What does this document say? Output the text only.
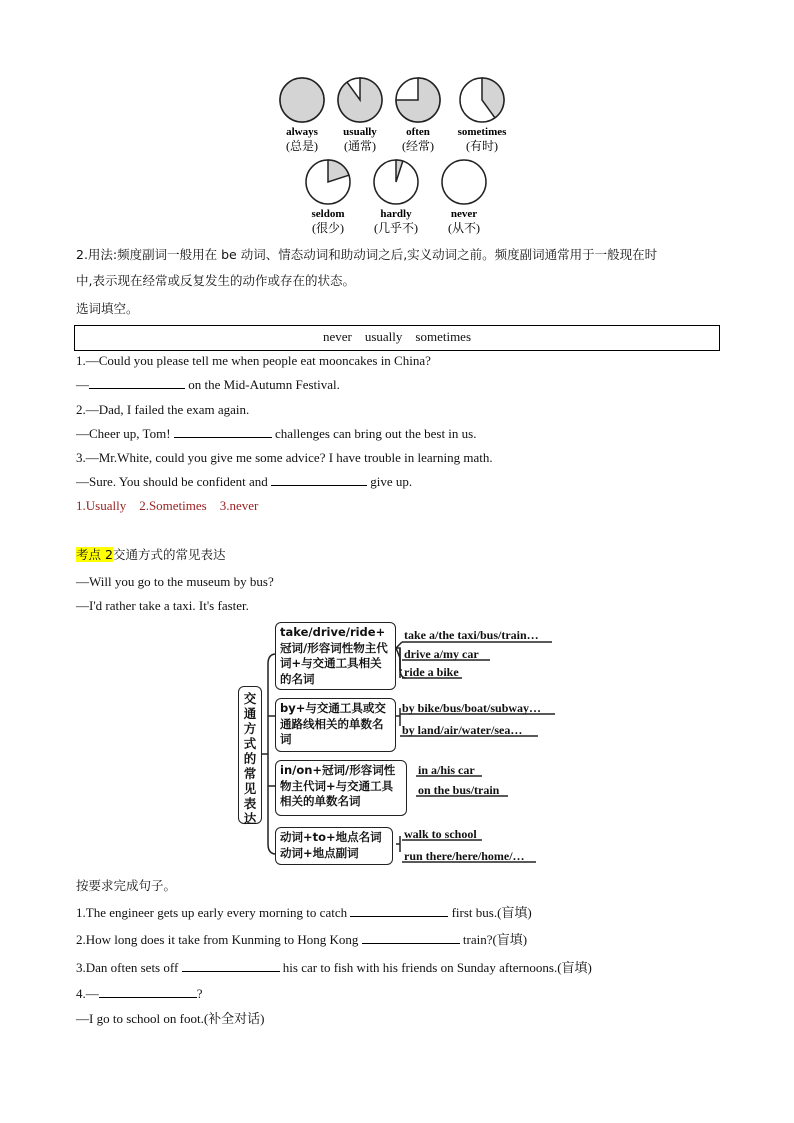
always
(总是)
usually
(通常)
often
(经常)
sometimes
(有时)
seldom
(很少)
hardly
(几乎不)
never
(从不)
2.用法:频度副词一般用在 be 动词、情态动词和助动词之后,实义动词之前。频度副词通常用于一般现在时
中,表示现在经常或反复发生的动作或存在的状态。
选词填空。
never    usually    sometimes
1.—Could you please tell me when people eat mooncakes in China?
—	on the Mid-Autumn Festival.
2.—Dad, I failed the exam again.
—Cheer up, Tom!	challenges can bring out the best in us.
3.—Mr.White, could you give me some advice? I have trouble in learning math.
—Sure. You should be confident and	give up.
1.Usually    2.Sometimes    3.never
考点 2交通方式的常见表达
—Will you go to the museum by bus?
—I'd rather take a taxi. It's faster.
交通方式的常见表达
take/drive/ride+ 冠词/形容词性物主代词+与交通工具相关的名词
by+与交通工具或交通路线相关的单数名词
in/on+冠词/形容词性物主代词+与交通工具相关的单数名词
动词+to+地点名词 动词+地点副词
take a/the taxi/bus/train…
drive a/my car
ride a bike
by bike/bus/boat/subway…
by land/air/water/sea…
in a/his car
on the bus/train
walk to school
run there/here/home/…
按要求完成句子。
1.The engineer gets up early every morning to catch	first bus.(盲填)
2.How long does it take from Kunming to Hong Kong	train?(盲填)
3.Dan often sets off	his car to fish with his friends on Sunday afternoons.(盲填)
4.—	?
—I go to school on foot.(补全对话)
